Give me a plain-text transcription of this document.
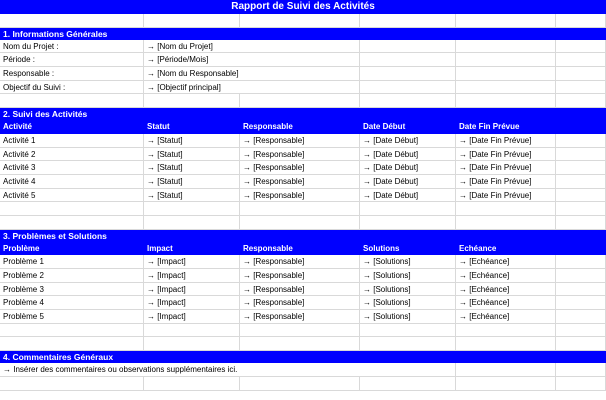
Rapport de Suivi des Activités
1. Informations Générales
Nom du Projet :	→ [Nom du Projet]
Période :	→ [Période/Mois]
Responsable :	→ [Nom du Responsable]
Objectif du Suivi :	→ [Objectif principal]
2. Suivi des Activités
Activité	Statut	Responsable	Date Début	Date Fin Prévue
Activité 1	→ [Statut]	→ [Responsable]	→ [Date Début]	→ [Date Fin Prévue]
Activité 2	→ [Statut]	→ [Responsable]	→ [Date Début]	→ [Date Fin Prévue]
Activité 3	→ [Statut]	→ [Responsable]	→ [Date Début]	→ [Date Fin Prévue]
Activité 4	→ [Statut]	→ [Responsable]	→ [Date Début]	→ [Date Fin Prévue]
Activité 5	→ [Statut]	→ [Responsable]	→ [Date Début]	→ [Date Fin Prévue]
3. Problèmes et Solutions
Problème	Impact	Responsable	Solutions	Echéance
Problème 1	→ [Impact]	→ [Responsable]	→ [Solutions]	→ [Echéance]
Problème 2	→ [Impact]	→ [Responsable]	→ [Solutions]	→ [Echéance]
Problème 3	→ [Impact]	→ [Responsable]	→ [Solutions]	→ [Echéance]
Problème 4	→ [Impact]	→ [Responsable]	→ [Solutions]	→ [Echéance]
Problème 5	→ [Impact]	→ [Responsable]	→ [Solutions]	→ [Echéance]
4. Commentaires Généraux
→ Insérer des commentaires ou observations supplémentaires ici.
